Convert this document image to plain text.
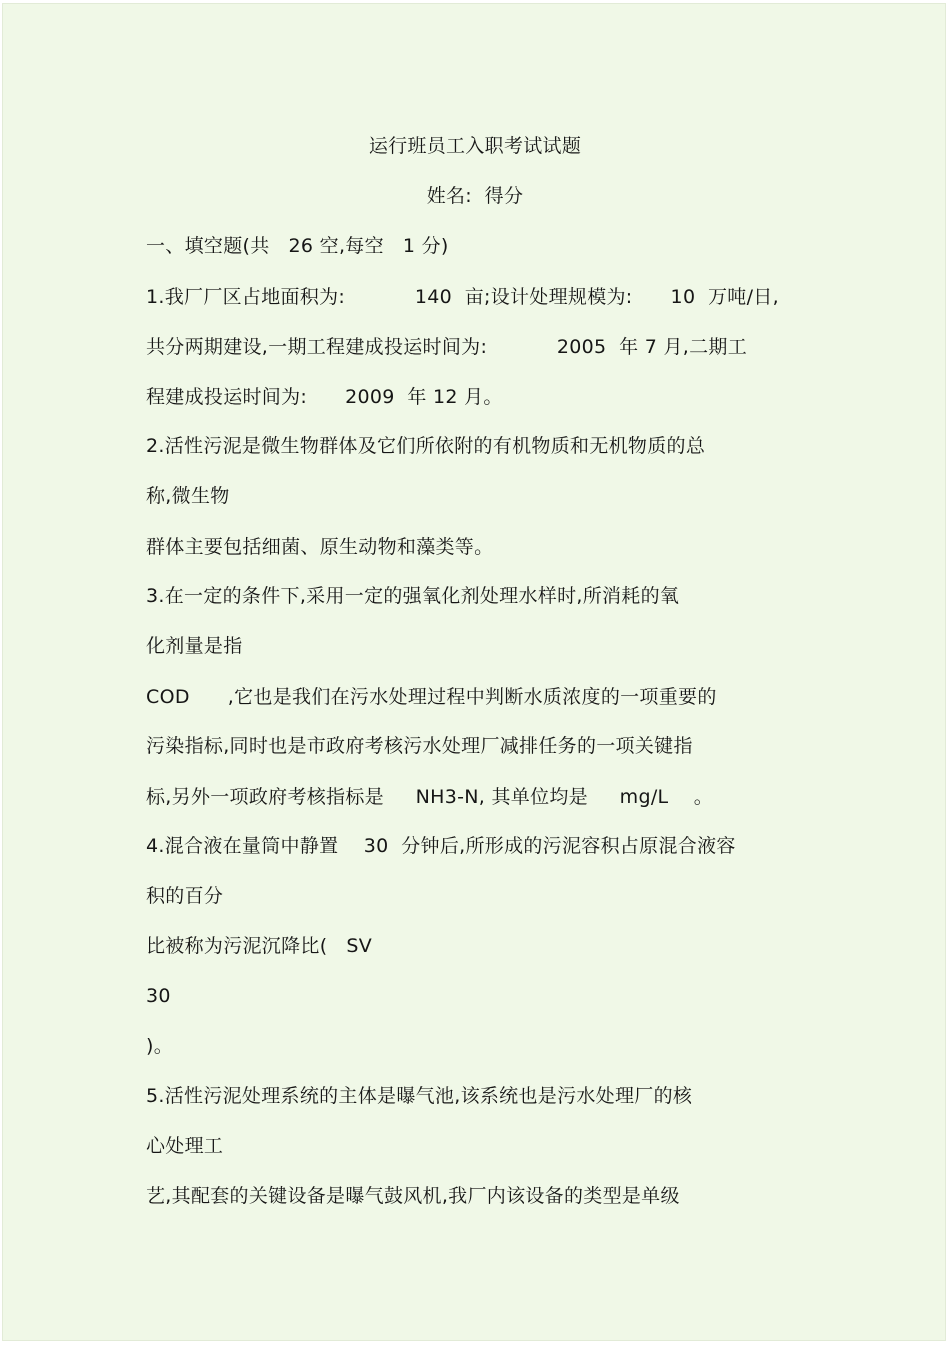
运行班员工入职考试试题
姓名:  得分
一、填空题(共   26 空,每空   1 分)
1.我厂厂区占地面积为:           140  亩;设计处理规模为:      10  万吨/日,
共分两期建设,一期工程建成投运时间为:           2005  年 7 月,二期工
程建成投运时间为:      2009  年 12 月。
2.活性污泥是微生物群体及它们所依附的有机物质和无机物质的总
称,微生物
群体主要包括细菌、原生动物和藻类等。
3.在一定的条件下,采用一定的强氧化剂处理水样时,所消耗的氧
化剂量是指
COD      ,它也是我们在污水处理过程中判断水质浓度的一项重要的
污染指标,同时也是市政府考核污水处理厂减排任务的一项关键指
标,另外一项政府考核指标是     NH3-N, 其单位均是     mg/L    。
4.混合液在量筒中静置    30  分钟后,所形成的污泥容积占原混合液容
积的百分
比被称为污泥沉降比(   SV
30
)。
5.活性污泥处理系统的主体是曝气池,该系统也是污水处理厂的核
心处理工
艺,其配套的关键设备是曝气鼓风机,我厂内该设备的类型是单级
